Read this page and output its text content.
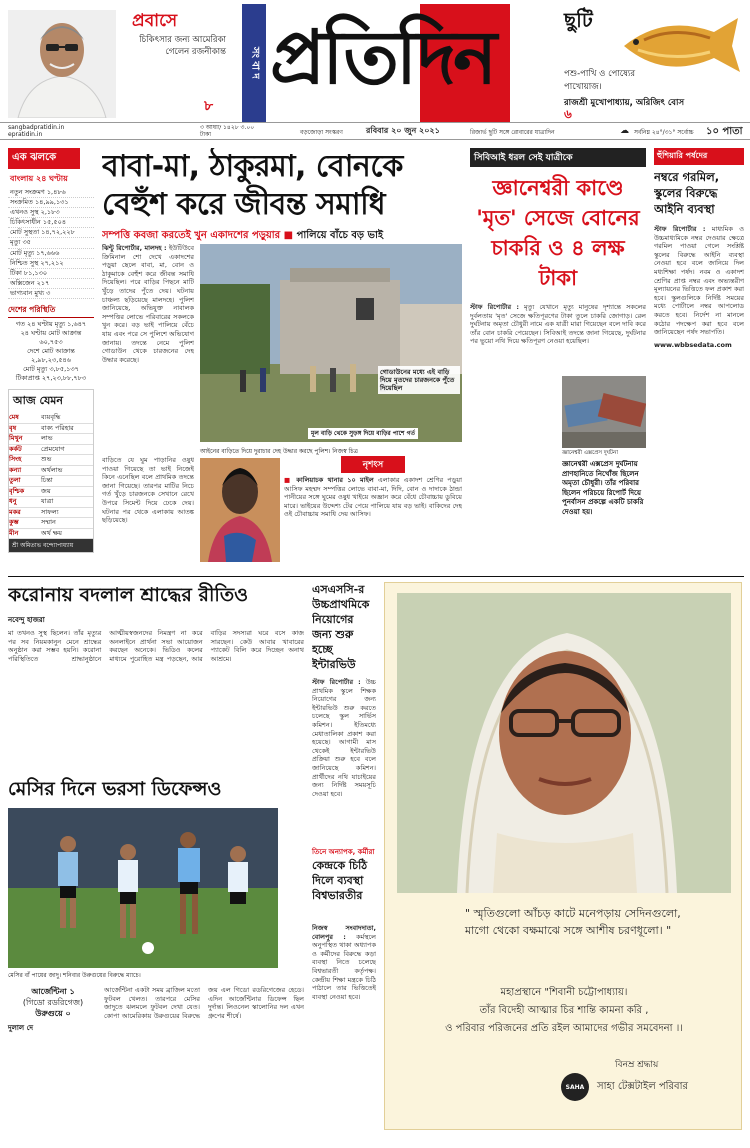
প্রবাসে
চিকিৎসার জন্য আমেরিকা গেলেন রজনীকান্ত
৮
সং বা দ প্রতিদিন	ছুটি
পশু-পাখি ও পোষ্যের পাখোয়াজ।
রাজশ্রী মুখোপাধ্যায়, অরিজিৎ বোস
৬
sangbadpratidin.in
epratidin.in
৩ আষাঢ় ১৪২৮ ৩.০০ টাকা	বড়জোড়া সংস্করণ	রবিবার ২০ জুন ২০২১	রিজার্ভ ছুটি সঙ্গে রোবারের যাত্রাদিন	☁ সর্বনিম্ন ২৪°/৩১° সর্বোচ্চ ১০ পাতা
এক ঝলকে
বাংলায় ২৪ ঘণ্টায়
নতুন সংক্রমণ ১,৪৮৬
সংক্রমিত ১৪,৯৯,১৩১
এখনও সুস্থ ২,১৮৩
চিকিৎসাধীন ১৫,৫০৪
মোট সুস্থতা ১৪,৭২,২২৮
মৃত্যু ৩৫
মোট মৃত্যু ১৭,৬৬৬
নিশ্চিত সুস্থ ২৭,২১২
টিকা ৮১,১৩০
অক্সিজেন ২১৭
ভাগ্যবান মুখ্য ৩
দেশের পরিস্থিতি
গত ২৪ ঘণ্টায় মৃত্যু ১,৬৪৭
২৪ ঘণ্টায় মোট আক্রান্ত ৬০,৭৫৩
দেশে মোট আক্রান্ত ২,৯৮,২৩,৫৪৬
মোট মৃত্যু ৩,৮৫,১৩৭
টিকাপ্রাপ্ত ২৭,২৩,৮৮,৭৮৩
আজ যেমন
মেষ	ব্যয়বৃদ্ধি
বৃষ	বাক্য পরিহার
মিথুন	লাভ
কর্কট	প্রেমযোগ
সিংহ	শুভ
কন্যা	অর্থলাভ
তুলা	চিন্তা
বৃশ্চিক	জয়
ধনু	যাত্রা
মকর	সাফল্য
কুম্ভ	সম্মান
মীন	অর্থ ক্ষয়
শ্রী অমিতাভ বন্দ্যোপাধ্যায়
বাবা-মা, ঠাকুরমা, বোনকে বেহুঁশ করে জীবন্ত সমাধি
সম্পত্তি কবজা করতেই খুন একাদশের পড়ুয়ার ■ পালিয়ে বাঁচে বড় ভাই
ঝিন্টু রিপোর্টার, মালদহ : ইউটিউবে ক্রিমিনাল শো দেখে একাদশের পড়ুয়া ছেলে বাবা, মা, বোন ও ঠাকুমাকে বেহুঁশ করে জীবন্ত সমাধি দিয়েছিল। পরে বাড়ির পিছনে মাটি খুঁড়ে তাদের পুঁতে দেয়। ঘটনায় চাঞ্চল্য ছড়িয়েছে মালদহে। পুলিশ জানিয়েছে, অভিযুক্ত নাবালক সম্পত্তির লোভে পরিবারের সকলকে খুন করে। বড় ভাই পালিয়ে বেঁচে যায় এবং পরে সে পুলিশে অভিযোগ জানায়। তদন্তে নেমে পুলিশ গোডাউন থেকে চারজনের দেহ উদ্ধার করেছে।
গোডাউনের মধ্যে এই বাড়ি দিয়ে মৃতদের চারজনকে পুঁতে দিয়েছিল
মূল বাড়ি থেকে সুড়ঙ্গ দিয়ে বাড়ির পাশে গর্ত
আইনের বাড়িতে দিয়ে দুরাচার দেহ উদ্ধার করছে পুলিশ। নিজস্ব চিত্র
বাড়িতে যে ঘুম পাড়ানির ওষুধ পাওয়া গিয়েছে তা ভাই নিজেই কিনে এনেছিল বলে প্রাথমিক তদন্তে জানা গিয়েছে। তারপর মাটির নিচে গর্ত খুঁড়ে চারজনকে সেখানে রেখে উপরে সিমেন্ট দিয়ে ঢেকে দেয়। ঘটনার পর থেকে এলাকায় আতঙ্ক ছড়িয়েছে।
নৃশংস
■ কালিয়াচক থানার ১০ মাইল এলাকার একাদশ শ্রেণির পড়ুয়া আসিফ মহম্মদ সম্পত্তির লোভে বাবা-মা, দিদি, বোন ও দাদাকে ঠান্ডা পানীয়ের সঙ্গে ঘুমের ওষুধ খাইয়ে অজ্ঞান করে বেঁধে চৌবাচ্চায় ডুবিয়ে মারে। ভাইয়ের উদ্দেশ্য টের পেয়ে পালিয়ে যায় বড় ভাই। বাকিদের দেহ ওই চৌবাচ্চায় সমাধি দেয় আসিফ।
সিবিআই ধরল সেই যাত্রীকে
জ্ঞানেশ্বরী কাণ্ডে 'মৃত' সেজে বোনের চাকরি ও ৪ লক্ষ টাকা
স্টাফ রিপোর্টার : মৃত্যু যেখানে মৃত্যু মানুষের দৃশ্যান্তে সকলের দুর্বলতায় 'মৃত' সেজে ক্ষতিপূরণের টাকা তুলে চাকরি জোগাড়। রেল দুর্ঘটনায় অমৃতা চৌধুরী নামে এক যাত্রী মারা গিয়েছেন বলে দাবি করে তাঁর বোন চাকরি পেয়েছেন। সিবিআই তদন্তে জানা গিয়েছে, দুর্ঘটনার পর ভুয়ো নথি দিয়ে ক্ষতিপূরণ নেওয়া হয়েছিল।
জ্ঞানেশ্বরী এক্সপ্রেস দুর্ঘটনা
জ্ঞানেশ্বরী এক্সপ্রেস দুর্ঘটনায় প্রাণহানিতে নিখোঁজ ছিলেন অমৃতা চৌধুরী। তাঁর পরিবার ছিলেন পরিচয়ে রিপোর্ট দিয়ে পুনর্বাসন প্রকল্পে একটি চাকরি দেওয়া হয়।
হুঁশিয়ারি পর্ষদের
নম্বরে গরমিল, স্কুলের বিরুদ্ধে আইনি ব্যবস্থা
স্টাফ রিপোর্টার : মাধ্যমিক ও উচ্চমাধ্যমিকে নম্বর দেওয়ার ক্ষেত্রে গরমিল পাওয়া গেলে সংশ্লিষ্ট স্কুলের বিরুদ্ধে আইনি ব্যবস্থা নেওয়া হবে বলে জানিয়ে দিল মধ্যশিক্ষা পর্ষদ। নবম ও একাদশ শ্রেণির প্রাপ্ত নম্বর এবং অভ্যন্তরীণ মূল্যায়নের ভিত্তিতে ফল প্রকাশ করা হবে। স্কুলগুলিকে নির্দিষ্ট সময়ের মধ্যে পোর্টালে নম্বর আপলোড করতে হবে। নির্দেশ না মানলে কঠোর পদক্ষেপ করা হবে বলে জানিয়েছেন পর্ষদ সভাপতি।
www.wbbsedata.com
করোনায় বদলাল শ্রাদ্ধের রীতিও
নবেন্দু হাজরা
মা তখনও সুস্থ ছিলেন। তাঁর মৃত্যুর পর সব নিয়মকানুন মেনে শ্রাদ্ধের অনুষ্ঠান করা সম্ভব হয়নি। করোনা পরিস্থিতিতে শ্রাদ্ধানুষ্ঠানে আত্মীয়স্বজনদের নিমন্ত্রণ না করে অনলাইনে প্রার্থনা সভা আয়োজন করছেন অনেকে। ভিডিও কলের মাধ্যমে পুরোহিত মন্ত্র পড়ছেন, আর বাড়ির সদস্যরা ঘরে বসে কাজ সারছেন। কেউ আবার খাবারের প্যাকেট বিলি করে দিচ্ছেন অনাথ আশ্রমে।
মেসির দিনে ভরসা ডিফেন্সও
মেসির বাঁ পায়ের জাদু। শনিবার উরুগুয়ের বিরুদ্ধে ম্যাচে।
আর্জেন্টিনা ১
(গিডো রডরিগেজ)
উরুগুয়ে ০
দুলাল দে
আর্জেন্টিনা একটা সময় ব্রাজিল মতো ফুটবল খেলত। তারপরে মেসির জাদুতে ঝলমলে ফুটবল দেখা যেত। কোপা আমেরিকায় উরুগুয়ের বিরুদ্ধে জয় এল গিডো রডরিগেজের হেডে। এদিন আর্জেন্টিনার ডিফেন্স ছিল দুর্দান্ত। লিওনেল স্কালোনির দল এখন গ্রুপের শীর্ষে।
এসএসসি-র উচ্চপ্রাথমিকে নিয়োগের জন্য শুরু হচ্ছে ইন্টারভিউ
স্টাফ রিপোর্টার : উচ্চ প্রাথমিক স্কুলে শিক্ষক নিয়োগের জন্য ইন্টারভিউ শুরু করতে চলেছে স্কুল সার্ভিস কমিশন। ইতিমধ্যে মেধাতালিকা প্রকাশ করা হয়েছে। আগামী মাস থেকেই ইন্টারভিউ প্রক্রিয়া শুরু হবে বলে জানিয়েছে কমিশন। প্রার্থীদের নথি যাচাইয়ের জন্য নির্দিষ্ট সময়সূচি দেওয়া হবে।
তিনে অন্যাপক, কর্মীরা
কেন্দ্রকে চিঠি দিলে ব্যবস্থা বিশ্বভারতীর
নিজস্ব সংবাদদাতা, বোলপুর : কর্মস্থলে অনুপস্থিত থাকা অধ্যাপক ও কর্মীদের বিরুদ্ধে কড়া ব্যবস্থা নিতে চলেছে বিশ্বভারতী কর্তৃপক্ষ। কেন্দ্রীয় শিক্ষা মন্ত্রকে চিঠি পাঠালে তার ভিত্তিতেই ব্যবস্থা নেওয়া হবে।
" স্মৃতিগুলো আঁচড় কাটে মনেপড়ায় সেদিনগুলো, মাগো থেকো বক্ষমাঝে সঙ্গে আশীষ চরণধূলো। "
মহাপ্রস্থানে "শিবানী চট্টোপাধ্যায়।
তাঁর বিদেহী আত্মার চির শান্তি কামনা করি ,
ও পরিবার পরিজনের প্রতি রইল আমাদের গভীর সমবেদনা ।।
বিনম্র শ্রদ্ধায়
SAHA সাহা টেক্সটাইল পরিবার
